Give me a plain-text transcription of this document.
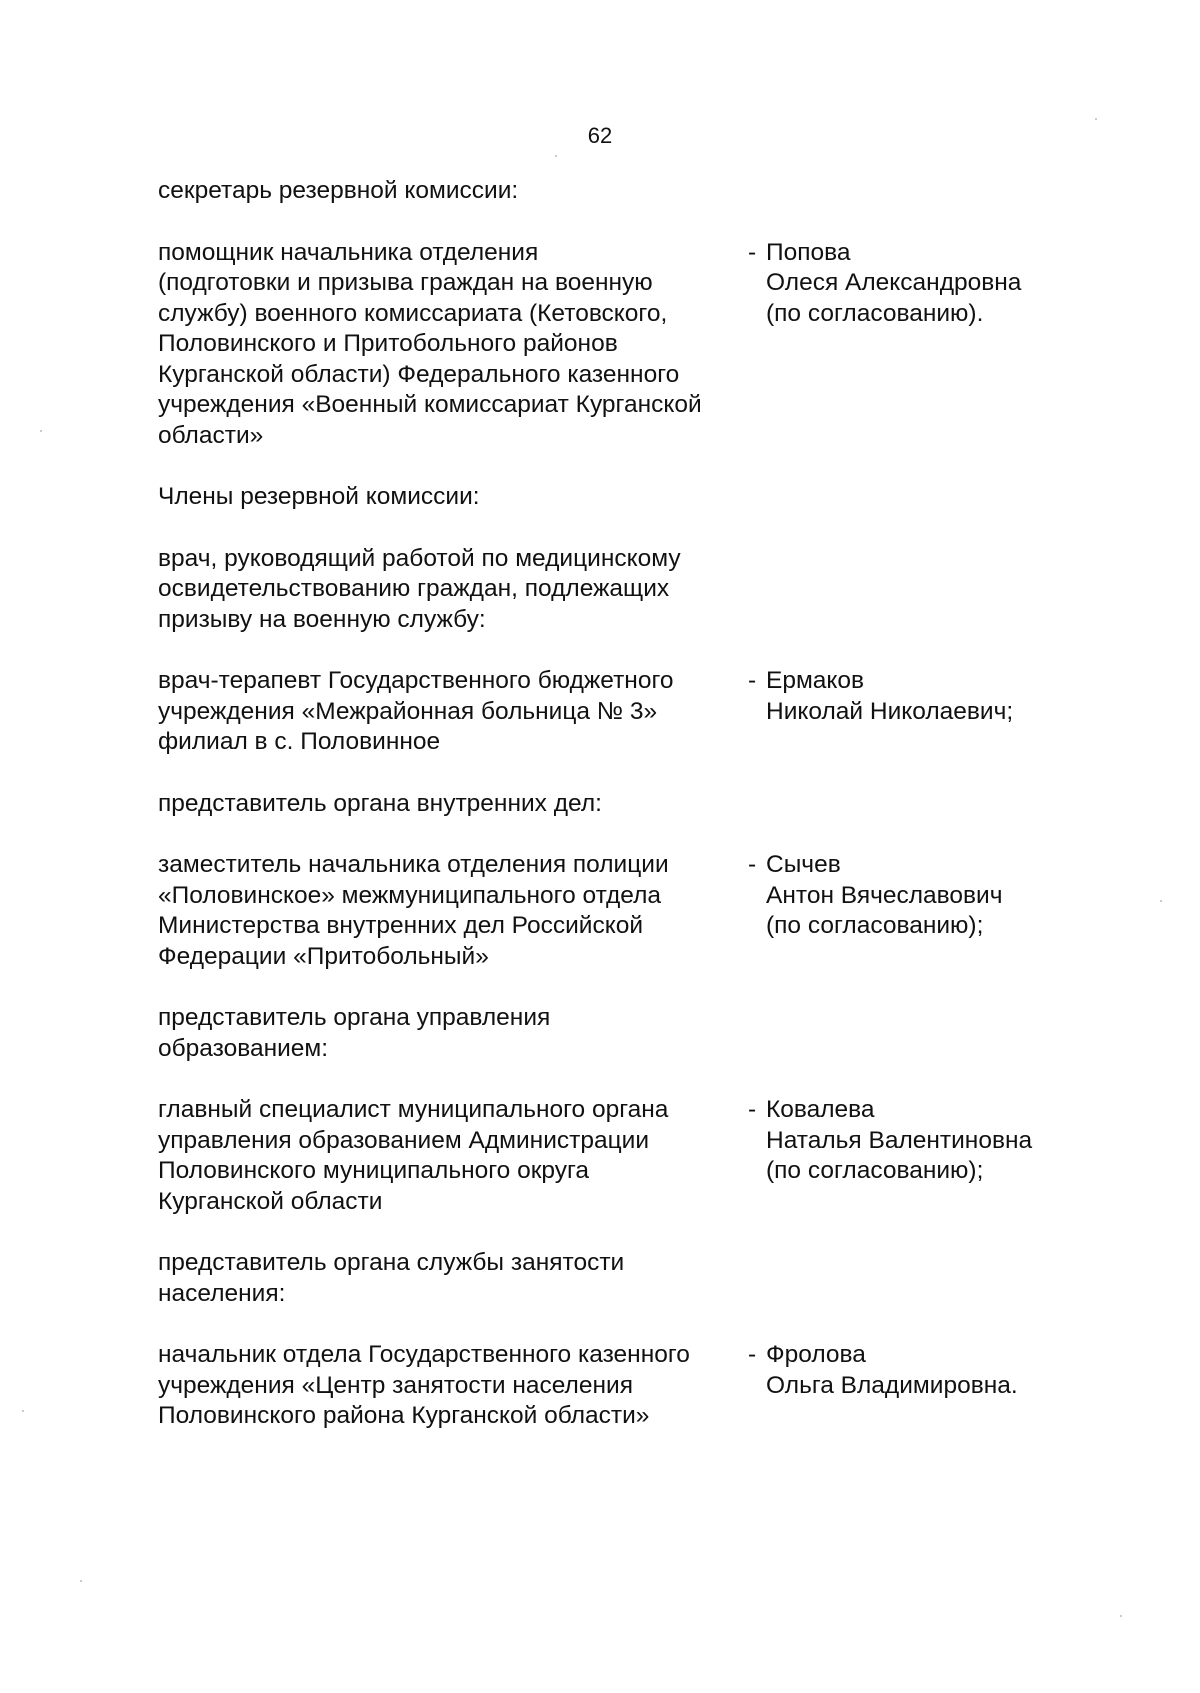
62
секретарь резервной комиссии:
помощник начальника отделения
(подготовки и призыва граждан на военную
службу) военного комиссариата (Кетовского,
Половинского и Притобольного районов
Курганской области) Федерального казенного
учреждения «Военный комиссариат Курганской
области»
- Попова
Олеся Александровна
(по согласованию).
Члены резервной комиссии:
врач, руководящий работой по медицинскому
освидетельствованию граждан, подлежащих
призыву на военную службу:
врач-терапевт Государственного бюджетного
учреждения «Межрайонная больница № 3»
филиал в с. Половинное
- Ермаков
Николай Николаевич;
представитель органа внутренних дел:
заместитель начальника отделения полиции
«Половинское» межмуниципального отдела
Министерства внутренних дел Российской
Федерации «Притобольный»
- Сычев
Антон Вячеславович
(по согласованию);
представитель органа управления
образованием:
главный специалист муниципального органа
управления образованием Администрации
Половинского муниципального округа
Курганской области
- Ковалева
Наталья Валентиновна
(по согласованию);
представитель органа службы занятости
населения:
начальник отдела Государственного казенного
учреждения «Центр занятости населения
Половинского района Курганской области»
- Фролова
Ольга Владимировна.
